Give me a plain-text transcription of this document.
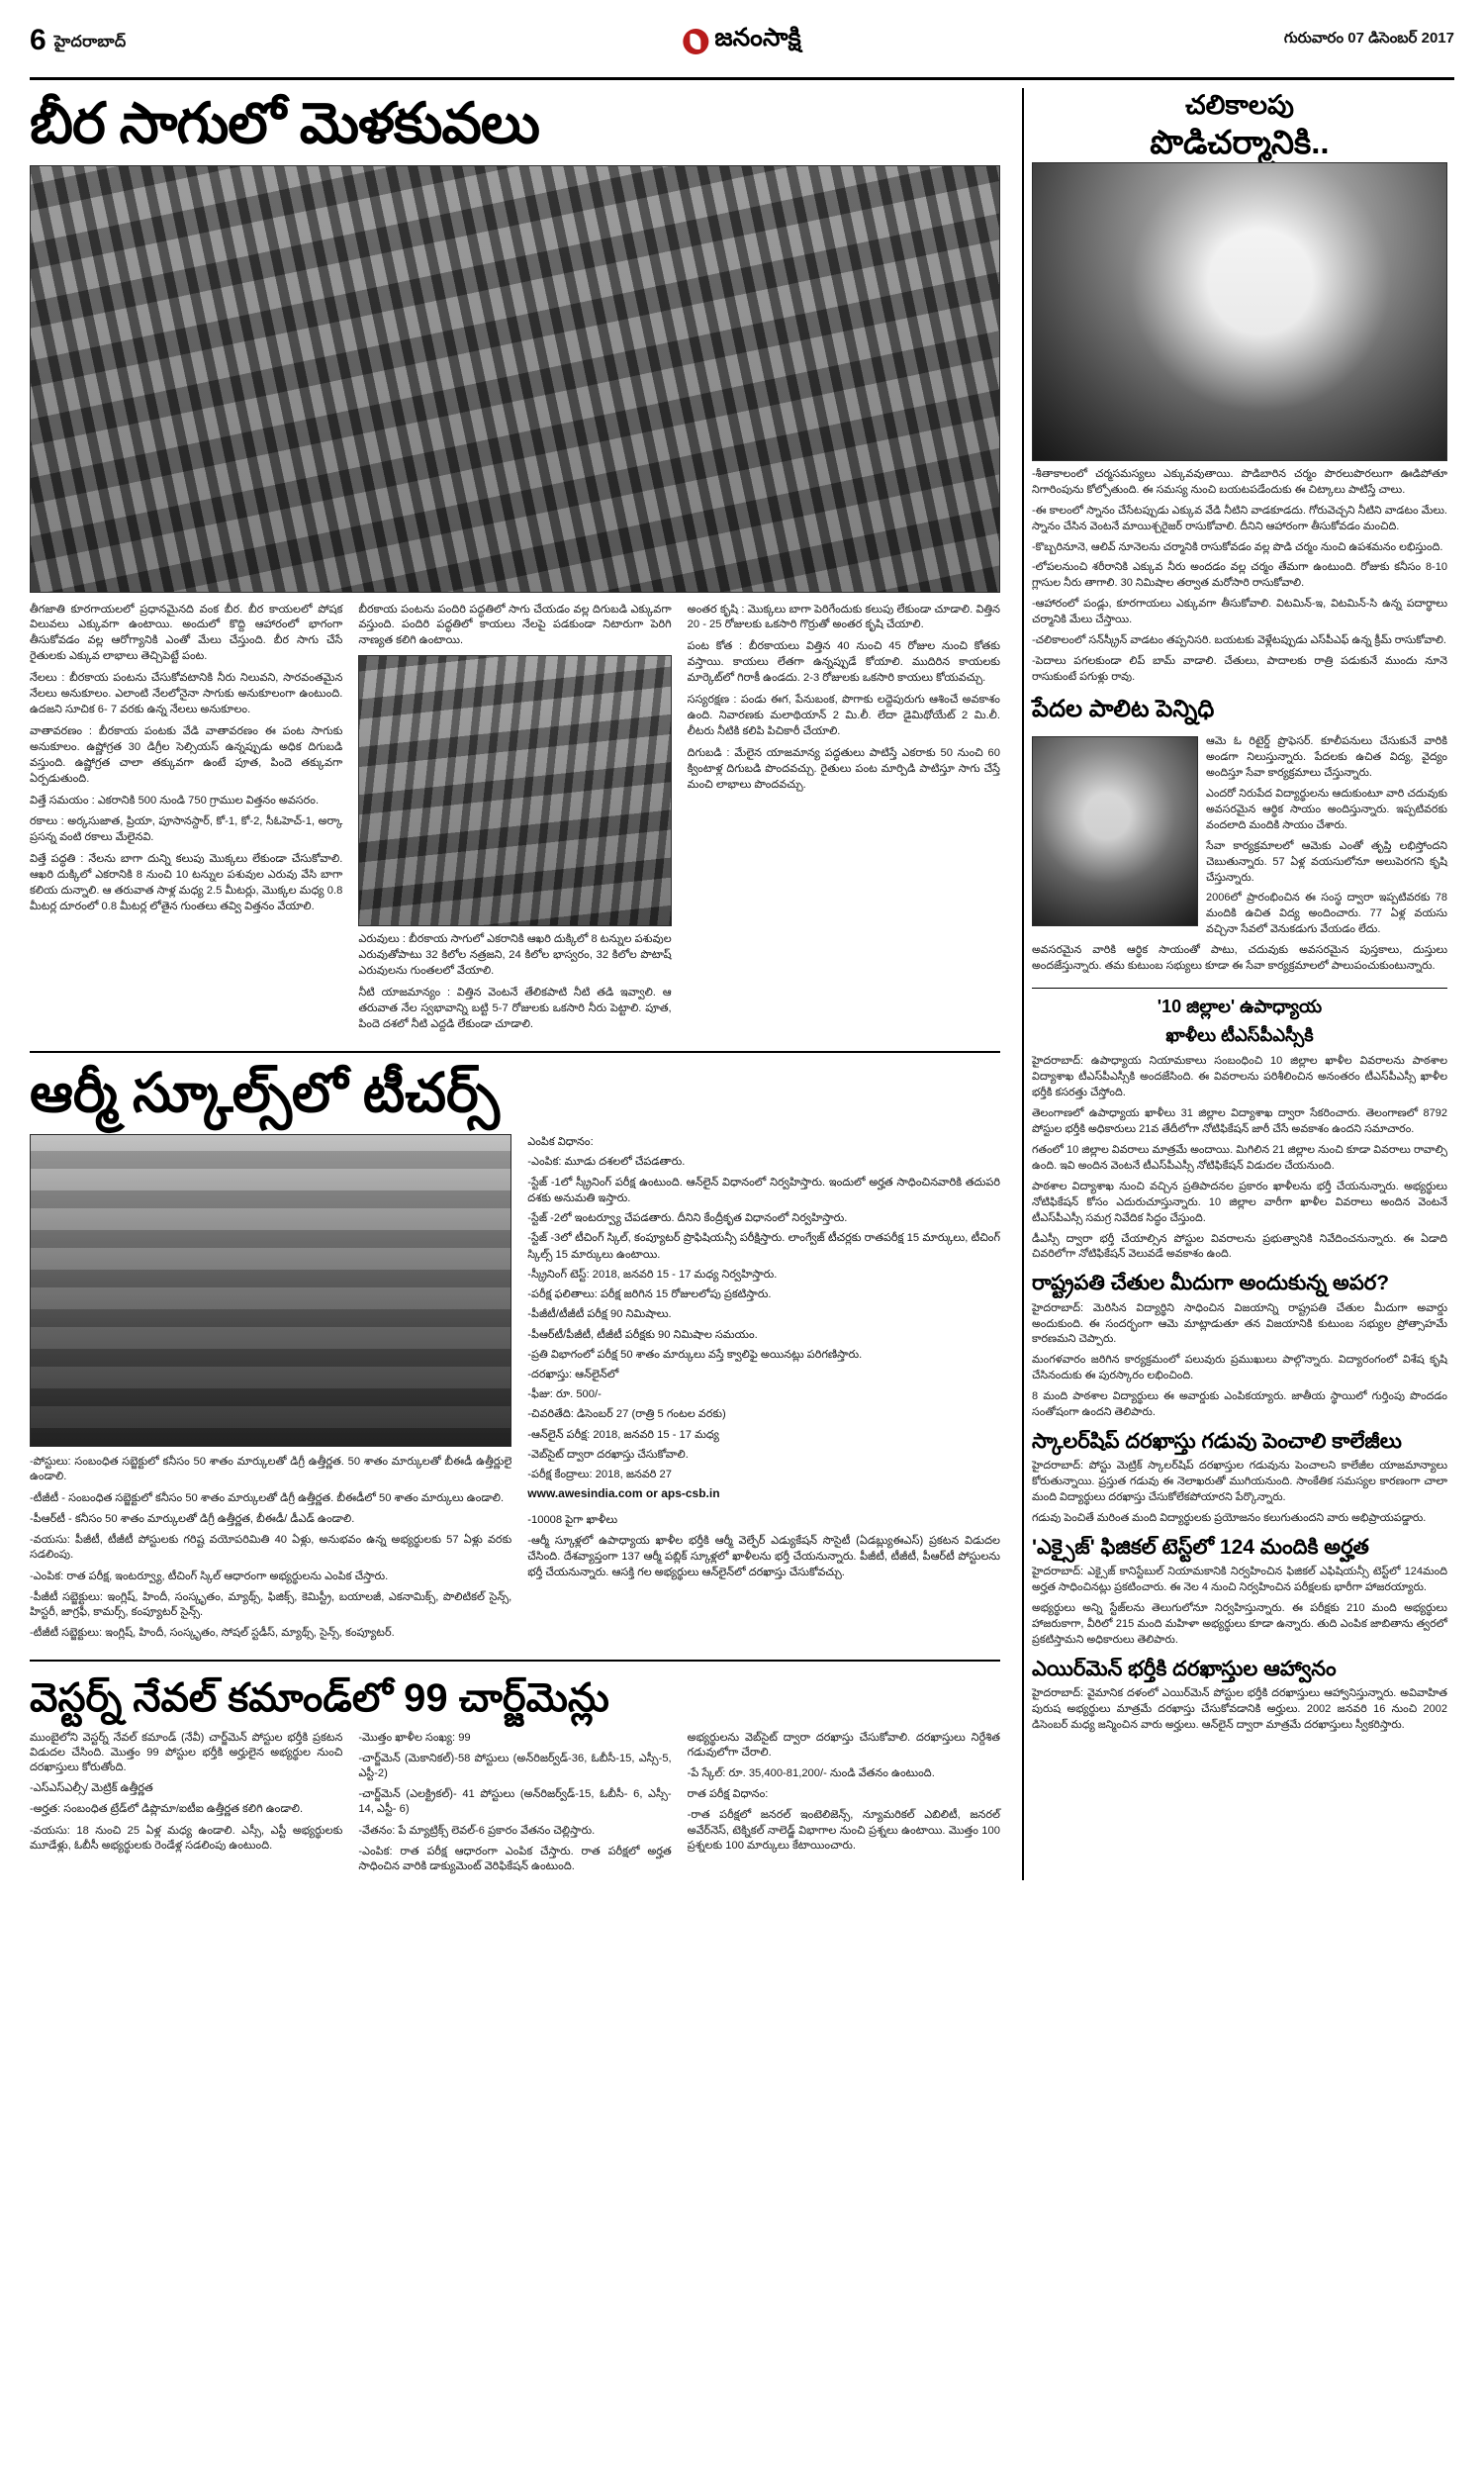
6 హైదరాబాద్	జనంసాక్షి	గురువారం 07 డిసెంబర్ 2017
బీర సాగులో మెళకువలు

తీగజాతి కూరగాయలలో ప్రధానమైనది వంక బీర. బీర కాయలలో పోషక విలువలు ఎక్కువగా ఉంటాయి. అందులో కొద్ది ఆహారంలో భాగంగా తీసుకోవడం వల్ల ఆరోగ్యానికి ఎంతో మేలు చేస్తుంది. బీర సాగు చేసే రైతులకు ఎక్కువ లాభాలు తెచ్చిపెట్టే పంట.

నేలలు : బీరకాయ పంటను చేసుకోవటానికి నీరు నిలువని, సారవంతమైన నేలలు అనుకూలం. ఎలాంటి నేలలోనైనా సాగుకు అనుకూలంగా ఉంటుంది. ఉదజని సూచిక 6- 7 వరకు ఉన్న నేలలు అనుకూలం.

వాతావరణం : బీరకాయ పంటకు వేడి వాతావరణం ఈ పంట సాగుకు అనుకూలం. ఉష్ణోగ్రత 30 డిగ్రీల సెల్సియస్ ఉన్నప్పుడు అధిక దిగుబడి వస్తుంది. ఉష్ణోగ్రత చాలా తక్కువగా ఉంటే పూత, పిందె తక్కువగా ఏర్పడుతుంది.

విత్తే సమయం : ఎకరానికి 500 నుండి 750 గ్రాముల విత్తనం అవసరం.

రకాలు : అర్కసుజాత, ప్రియా, పూసానస్దార్, కో-1, కో-2, సీఓహెచ్-1, అర్కా ప్రసన్న వంటి రకాలు మేలైనవి.

విత్తే పద్ధతి : నేలను బాగా దున్ని కలుపు మొక్కలు లేకుండా చేసుకోవాలి. ఆఖరి దుక్కిలో ఎకరానికి 8 నుంచి 10 టన్నుల పశువుల ఎరువు వేసి బాగా కలియ దున్నాలి. ఆ తరువాత సాళ్ల మధ్య 2.5 మీటర్లు, మొక్కల మధ్య 0.8 మీటర్ల దూరంలో 0.8 మీటర్ల లోతైన గుంతలు తవ్వి విత్తనం వేయాలి.

బీరకాయ పంటను పందిరి పద్ధతిలో సాగు చేయడం వల్ల దిగుబడి ఎక్కువగా వస్తుంది. పందిరి పద్ధతిలో కాయలు నేలపై పడకుండా నిటారుగా పెరిగి నాణ్యత కలిగి ఉంటాయి.

ఎరువులు : బీరకాయ సాగులో ఎకరానికి ఆఖరి దుక్కిలో 8 టన్నుల పశువుల ఎరువుతోపాటు 32 కిలోల నత్రజని, 24 కిలోల భాస్వరం, 32 కిలోల పొటాష్ ఎరువులను గుంతలలో వేయాలి.

నీటి యాజమాన్యం : విత్తిన వెంటనే తేలికపాటి నీటి తడి ఇవ్వాలి. ఆ తరువాత నేల స్వభావాన్ని బట్టి 5-7 రోజులకు ఒకసారి నీరు పెట్టాలి. పూత, పిందె దశలో నీటి ఎద్దడి లేకుండా చూడాలి.

అంతర కృషి : మొక్కలు బాగా పెరిగేందుకు కలుపు లేకుండా చూడాలి. విత్తిన 20 - 25 రోజులకు ఒకసారి గొర్రుతో అంతర కృషి చేయాలి.

పంట కోత : బీరకాయలు విత్తిన 40 నుంచి 45 రోజుల నుంచి కోతకు వస్తాయి. కాయలు లేతగా ఉన్నప్పుడే కోయాలి. ముదిరిన కాయలకు మార్కెట్‌లో గిరాకీ ఉండదు. 2-3 రోజులకు ఒకసారి కాయలు కోయవచ్చు.

సస్యరక్షణ : పండు ఈగ, పేనుబంక, పొగాకు లద్దెపురుగు ఆశించే అవకాశం ఉంది. నివారణకు మలాథియాన్ 2 మి.లీ. లేదా డైమిథోయేట్ 2 మి.లీ. లీటరు నీటికి కలిపి పిచికారీ చేయాలి.

దిగుబడి : మేలైన యాజమాన్య పద్ధతులు పాటిస్తే ఎకరాకు 50 నుంచి 60 క్వింటాళ్ల దిగుబడి పొందవచ్చు. రైతులు పంట మార్పిడి పాటిస్తూ సాగు చేస్తే మంచి లాభాలు పొందవచ్చు.

ఆర్మీ స్కూల్స్‌లో టీచర్స్

-పోస్టులు: సంబంధిత సబ్జెక్టులో కనీసం 50 శాతం మార్కులతో డిగ్రీ ఉత్తీర్ణత. 50 శాతం మార్కులతో బీఈడీ ఉత్తీర్ణులై ఉండాలి.

-టీజీటీ - సంబంధిత సబ్జెక్టులో కనీసం 50 శాతం మార్కులతో డిగ్రీ ఉత్తీర్ణత. బీఈడీలో 50 శాతం మార్కులు ఉండాలి.

-పీఆర్‌టీ - కనీసం 50 శాతం మార్కులతో డిగ్రీ ఉత్తీర్ణత, బీఈడీ/ డీఎడ్ ఉండాలి.

-వయసు: పీజీటీ, టీజీటీ పోస్టులకు గరిష్ట వయోపరిమితి 40 ఏళ్లు, అనుభవం ఉన్న అభ్యర్థులకు 57 ఏళ్లు వరకు సడలింపు.

-ఎంపిక: రాత పరీక్ష, ఇంటర్వ్యూ, టీచింగ్ స్కిల్ ఆధారంగా అభ్యర్థులను ఎంపిక చేస్తారు.

-పీజీటీ సబ్జెక్టులు: ఇంగ్లిష్, హిందీ, సంస్కృతం, మ్యాథ్స్, ఫిజిక్స్, కెమిస్ట్రీ, బయాలజీ, ఎకనామిక్స్, పొలిటికల్ సైన్స్, హిస్టరీ, జాగ్రఫీ, కామర్స్, కంప్యూటర్ సైన్స్.

-టీజీటీ సబ్జెక్టులు: ఇంగ్లిష్, హిందీ, సంస్కృతం, సోషల్ స్టడీస్, మ్యాథ్స్, సైన్స్, కంప్యూటర్.

ఎంపిక విధానం:

-ఎంపిక: మూడు దశలలో చేపడతారు.

-స్టేజ్ -1లో స్క్రీనింగ్ పరీక్ష ఉంటుంది. ఆన్‌లైన్ విధానంలో నిర్వహిస్తారు. ఇందులో అర్హత సాధించినవారికి తదుపరి దశకు అనుమతి ఇస్తారు.

-స్టేజ్ -2లో ఇంటర్వ్యూ చేపడతారు. దీనిని కేంద్రీకృత విధానంలో నిర్వహిస్తారు.

-స్టేజ్ -3లో టీచింగ్ స్కిల్, కంప్యూటర్ ప్రొఫిషియన్సీ పరీక్షిస్తారు. లాంగ్వేజ్ టీచర్లకు రాతపరీక్ష 15 మార్కులు, టీచింగ్ స్కిల్స్ 15 మార్కులు ఉంటాయి.

-స్క్రీనింగ్ టెస్ట్: 2018, జనవరి 15 - 17 మధ్య నిర్వహిస్తారు.

-పరీక్ష ఫలితాలు: పరీక్ష జరిగిన 15 రోజులలోపు ప్రకటిస్తారు.

-పీజీటీ/టీజీటీ పరీక్ష 90 నిమిషాలు.

-పీఆర్‌టీ/పీజీటీ, టీజీటీ పరీక్షకు 90 నిమిషాల సమయం.

-ప్రతి విభాగంలో పరీక్ష 50 శాతం మార్కులు వస్తే క్వాలిఫై అయినట్లు పరిగణిస్తారు.

-దరఖాస్తు: ఆన్‌లైన్‌లో

-ఫీజు: రూ. 500/-

-చివరితేది: డిసెంబర్ 27 (రాత్రి 5 గంటల వరకు)

-ఆన్‌లైన్ పరీక్ష: 2018, జనవరి 15 - 17 మధ్య

-వెబ్‌సైట్ ద్వారా దరఖాస్తు చేసుకోవాలి.

-పరీక్ష కేంద్రాలు: 2018, జనవరి 27

www.awesindia.com or aps-csb.in

-10008 పైగా ఖాళీలు

-ఆర్మీ స్కూళ్లలో ఉపాధ్యాయ ఖాళీల భర్తీకి ఆర్మీ వెల్ఫేర్ ఎడ్యుకేషన్ సొసైటీ (ఏడబ్ల్యుఈఎస్) ప్రకటన విడుదల చేసింది. దేశవ్యాప్తంగా 137 ఆర్మీ పబ్లిక్ స్కూళ్లలో ఖాళీలను భర్తీ చేయనున్నారు. పీజీటీ, టీజీటీ, పీఆర్‌టీ పోస్టులను భర్తీ చేయనున్నారు. ఆసక్తి గల అభ్యర్థులు ఆన్‌లైన్‌లో దరఖాస్తు చేసుకోవచ్చు.

వెస్టర్న్ నేవల్ కమాండ్‌లో 99 చార్జ్‌మెన్లు

ముంబైలోని వెస్టర్న్ నేవల్ కమాండ్ (నేవీ) చార్జ్‌మెన్ పోస్టుల భర్తీకి ప్రకటన విడుదల చేసింది. మొత్తం 99 పోస్టుల భర్తీకి అర్హులైన అభ్యర్థుల నుంచి దరఖాస్తులు కోరుతోంది.

-ఎస్ఎస్ఎల్సీ/ మెట్రిక్ ఉత్తీర్ణత

-అర్హత: సంబంధిత ట్రేడ్‌లో డిప్లొమా/ఐటీఐ ఉత్తీర్ణత కలిగి ఉండాలి.

-వయసు: 18 నుంచి 25 ఏళ్ల మధ్య ఉండాలి. ఎస్సీ, ఎస్టీ అభ్యర్థులకు మూడేళ్లు, ఓబీసీ అభ్యర్థులకు రెండేళ్ల సడలింపు ఉంటుంది.

-మొత్తం ఖాళీల సంఖ్య: 99

-చార్జ్‌మెన్ (మెకానికల్)-58 పోస్టులు (అన్‌రిజర్వ్‌డ్-36, ఓబీసీ-15, ఎస్సీ-5, ఎస్టీ-2)

-చార్జ్‌మెన్ (ఎలక్ట్రికల్)- 41 పోస్టులు (అన్‌రిజర్వ్‌డ్-15, ఓబీసీ- 6, ఎస్సీ- 14, ఎస్టీ- 6)

-వేతనం: పే మ్యాట్రిక్స్ లెవల్-6 ప్రకారం వేతనం చెల్లిస్తారు.

-ఎంపిక: రాత పరీక్ష ఆధారంగా ఎంపిక చేస్తారు. రాత పరీక్షలో అర్హత సాధించిన వారికి డాక్యుమెంట్ వెరిఫికేషన్ ఉంటుంది.

అభ్యర్థులను వెబ్‌సైట్ ద్వారా దరఖాస్తు చేసుకోవాలి. దరఖాస్తులు నిర్దేశిత గడువులోగా చేరాలి.

-పే స్కేల్: రూ. 35,400-81,200/- నుండి వేతనం ఉంటుంది.

రాత పరీక్ష విధానం:

-రాత పరీక్షలో జనరల్ ఇంటెలిజెన్స్, న్యూమరికల్ ఎబిలిటీ, జనరల్ అవేర్‌నెస్, టెక్నికల్ నాలెడ్జ్ విభాగాల నుంచి ప్రశ్నలు ఉంటాయి. మొత్తం 100 ప్రశ్నలకు 100 మార్కులు కేటాయించారు.

చలికాలపు
పొడిచర్మానికి..

-శీతాకాలంలో చర్మసమస్యలు ఎక్కువవుతాయి. పొడిబారిన చర్మం పొరలుపొరలుగా ఊడిపోతూ నిగారింపును కోల్పోతుంది. ఈ సమస్య నుంచి బయటపడేందుకు ఈ చిట్కాలు పాటిస్తే చాలు.

-ఈ కాలంలో స్నానం చేసేటప్పుడు ఎక్కువ వేడి నీటిని వాడకూడదు. గోరువెచ్చని నీటిని వాడటం మేలు. స్నానం చేసిన వెంటనే మాయిశ్చరైజర్ రాసుకోవాలి. దీనిని ఆహారంగా తీసుకోవడం మంచిది.

-కొబ్బరినూనె, ఆలివ్ నూనెలను చర్మానికి రాసుకోవడం వల్ల పొడి చర్మం నుంచి ఉపశమనం లభిస్తుంది.

-లోపలనుంచి శరీరానికి ఎక్కువ నీరు అందడం వల్ల చర్మం తేమగా ఉంటుంది. రోజుకు కనీసం 8-10 గ్లాసుల నీరు తాగాలి. 30 నిమిషాల తర్వాత మరోసారి రాసుకోవాలి.

-ఆహారంలో పండ్లు, కూరగాయలు ఎక్కువగా తీసుకోవాలి. విటమిన్-ఇ, విటమిన్-సి ఉన్న పదార్థాలు చర్మానికి మేలు చేస్తాయి.

-చలికాలంలో సన్‌స్క్రీన్ వాడటం తప్పనిసరి. బయటకు వెళ్లేటప్పుడు ఎస్‌పీఎఫ్ ఉన్న క్రీమ్ రాసుకోవాలి.

-పెదాలు పగలకుండా లిప్ బామ్ వాడాలి. చేతులు, పాదాలకు రాత్రి పడుకునే ముందు నూనె రాసుకుంటే పగుళ్లు రావు.

పేదల పాలిట పెన్నిధి

ఆమె ఓ రిటైర్డ్ ప్రొఫెసర్. కూలీపనులు చేసుకునే వారికి అండగా నిలుస్తున్నారు. పేదలకు ఉచిత విద్య, వైద్యం అందిస్తూ సేవా కార్యక్రమాలు చేస్తున్నారు.

ఎందరో నిరుపేద విద్యార్థులను ఆదుకుంటూ వారి చదువుకు అవసరమైన ఆర్థిక సాయం అందిస్తున్నారు. ఇప్పటివరకు వందలాది మందికి సాయం చేశారు.

సేవా కార్యక్రమాలలో ఆమెకు ఎంతో తృప్తి లభిస్తోందని చెబుతున్నారు. 57 ఏళ్ల వయసులోనూ అలుపెరగని కృషి చేస్తున్నారు.

2006లో ప్రారంభించిన ఈ సంస్థ ద్వారా ఇప్పటివరకు 78 మందికి ఉచిత విద్య అందించారు. 77 ఏళ్ల వయసు వచ్చినా సేవలో వెనుకడుగు వేయడం లేదు.

అవసరమైన వారికి ఆర్థిక సాయంతో పాటు, చదువుకు అవసరమైన పుస్తకాలు, దుస్తులు అందజేస్తున్నారు. తమ కుటుంబ సభ్యులు కూడా ఈ సేవా కార్యక్రమాలలో పాలుపంచుకుంటున్నారు.

'10 జిల్లాల' ఉపాధ్యాయ
ఖాళీలు టీఎస్‌పీఎస్సీకి

హైదరాబాద్: ఉపాధ్యాయ నియామకాలు సంబంధించి 10 జిల్లాల ఖాళీల వివరాలను పాఠశాల విద్యాశాఖ టీఎస్‌పీఎస్సీకి అందజేసింది. ఈ వివరాలను పరిశీలించిన అనంతరం టీఎస్‌పీఎస్సీ ఖాళీల భర్తీకి కసరత్తు చేస్తోంది.

తెలంగాణలో ఉపాధ్యాయ ఖాళీలు 31 జిల్లాల విద్యాశాఖ ద్వారా సేకరించారు. తెలంగాణలో 8792 పోస్టుల భర్తీకి అధికారులు 21వ తేదీలోగా నోటిఫికేషన్ జారీ చేసే అవకాశం ఉందని సమాచారం.

గతంలో 10 జిల్లాల వివరాలు మాత్రమే అందాయి. మిగిలిన 21 జిల్లాల నుంచి కూడా వివరాలు రావాల్సి ఉంది. ఇవి అందిన వెంటనే టీఎస్‌పీఎస్సీ నోటిఫికేషన్ విడుదల చేయనుంది.

పాఠశాల విద్యాశాఖ నుంచి వచ్చిన ప్రతిపాదనల ప్రకారం ఖాళీలను భర్తీ చేయనున్నారు. అభ్యర్థులు నోటిఫికేషన్ కోసం ఎదురుచూస్తున్నారు. 10 జిల్లాల వారీగా ఖాళీల వివరాలు అందిన వెంటనే టీఎస్‌పీఎస్సీ సమగ్ర నివేదిక సిద్ధం చేస్తుంది.

డీఎస్సీ ద్వారా భర్తీ చేయాల్సిన పోస్టుల వివరాలను ప్రభుత్వానికి నివేదించనున్నారు. ఈ ఏడాది చివరిలోగా నోటిఫికేషన్ వెలువడే అవకాశం ఉంది.

రాష్ట్రపతి చేతుల మీదుగా అందుకున్న అపర?

హైదరాబాద్: మెరిసిన విద్యార్థిని సాధించిన విజయాన్ని రాష్ట్రపతి చేతుల మీదుగా అవార్డు అందుకుంది. ఈ సందర్భంగా ఆమె మాట్లాడుతూ తన విజయానికి కుటుంబ సభ్యుల ప్రోత్సాహమే కారణమని చెప్పారు.

మంగళవారం జరిగిన కార్యక్రమంలో పలువురు ప్రముఖులు పాల్గొన్నారు. విద్యారంగంలో విశేష కృషి చేసినందుకు ఈ పురస్కారం లభించింది.

8 మంది పాఠశాల విద్యార్థులు ఈ అవార్డుకు ఎంపికయ్యారు. జాతీయ స్థాయిలో గుర్తింపు పొందడం సంతోషంగా ఉందని తెలిపారు.

స్కాలర్‌షిప్ దరఖాస్తు గడువు పెంచాలి కాలేజీలు

హైదరాబాద్: పోస్టు మెట్రిక్ స్కాలర్‌షిప్ దరఖాస్తుల గడువును పెంచాలని కాలేజీల యాజమాన్యాలు కోరుతున్నాయి. ప్రస్తుత గడువు ఈ నెలాఖరుతో ముగియనుంది. సాంకేతిక సమస్యల కారణంగా చాలా మంది విద్యార్థులు దరఖాస్తు చేసుకోలేకపోయారని పేర్కొన్నారు.

గడువు పెంచితే మరింత మంది విద్యార్థులకు ప్రయోజనం కలుగుతుందని వారు అభిప్రాయపడ్డారు.

'ఎక్సైజ్' ఫిజికల్ టెస్ట్‌లో 124 మందికి అర్హత

హైదరాబాద్: ఎక్సైజ్ కానిస్టేబుల్ నియామకానికి నిర్వహించిన ఫిజికల్ ఎఫిషియన్సీ టెస్ట్‌లో 124మంది అర్హత సాధించినట్లు ప్రకటించారు. ఈ నెల 4 నుంచి నిర్వహించిన పరీక్షలకు భారీగా హాజరయ్యారు.

అభ్యర్థులు అన్ని స్టేజ్‌లను తెలుగులోనూ నిర్వహిస్తున్నారు. ఈ పరీక్షకు 210 మంది అభ్యర్థులు హాజరుకాగా, వీరిలో 215 మంది మహిళా అభ్యర్థులు కూడా ఉన్నారు. తుది ఎంపిక జాబితాను త్వరలో ప్రకటిస్తామని అధికారులు తెలిపారు.

ఎయిర్‌మెన్ భర్తీకి దరఖాస్తుల ఆహ్వానం

హైదరాబాద్: వైమానిక దళంలో ఎయిర్‌మెన్ పోస్టుల భర్తీకి దరఖాస్తులు ఆహ్వానిస్తున్నారు. అవివాహిత పురుష అభ్యర్థులు మాత్రమే దరఖాస్తు చేసుకోవడానికి అర్హులు. 2002 జనవరి 16 నుంచి 2002 డిసెంబర్ మధ్య జన్మించిన వారు అర్హులు. ఆన్‌లైన్ ద్వారా మాత్రమే దరఖాస్తులు స్వీకరిస్తారు.
